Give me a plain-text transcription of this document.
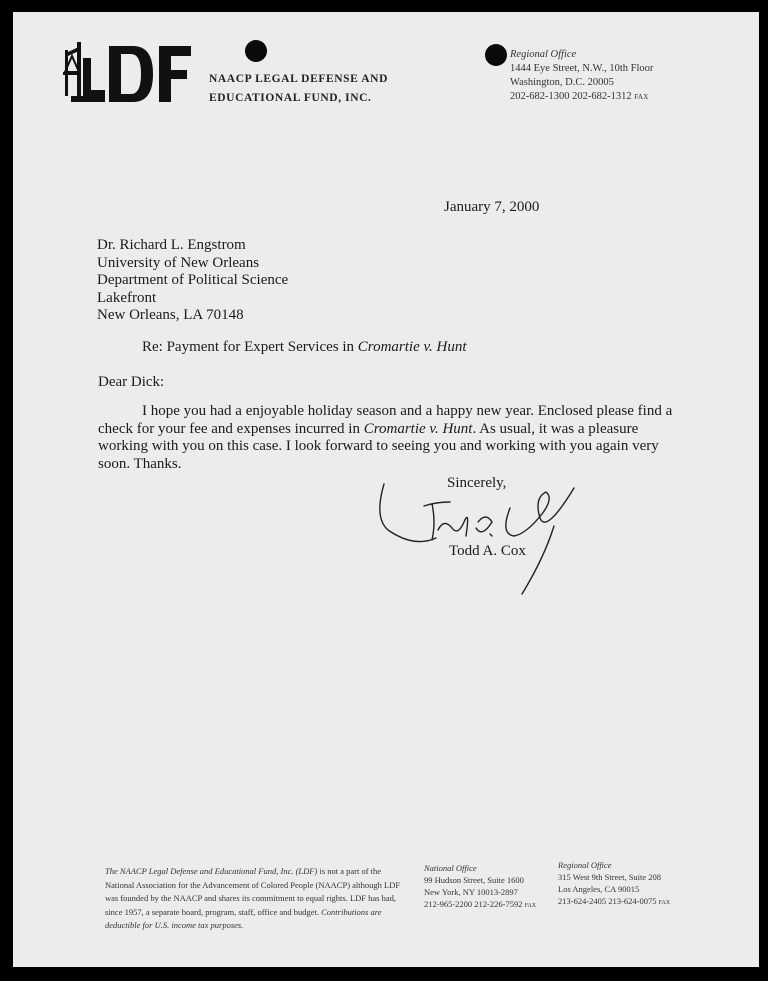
NAACP LEGAL DEFENSE AND
EDUCATIONAL FUND, INC.
Regional Office
1444 Eye Street, N.W., 10th Floor
Washington, D.C. 20005
202-682-1300 202-682-1312 FAX
January 7, 2000
Dr. Richard L. Engstrom
University of New Orleans
Department of Political Science
Lakefront
New Orleans, LA 70148
Re: Payment for Expert Services in Cromartie v. Hunt
Dear Dick:
I hope you had a enjoyable holiday season and a happy new year. Enclosed please find a check for your fee and expenses incurred in Cromartie v. Hunt. As usual, it was a pleasure working with you on this case. I look forward to seeing you and working with you again very soon. Thanks.
Sincerely,
Todd A. Cox
The NAACP Legal Defense and Educational Fund, Inc. (LDF) is not a part of the National Association for the Advancement of Colored People (NAACP) although LDF was founded by the NAACP and shares its commitment to equal rights. LDF has had, since 1957, a separate board, program, staff, office and budget. Contributions are deductible for U.S. income tax purposes.
National Office
99 Hudson Street, Suite 1600
New York, NY 10013-2897
212-965-2200 212-226-7592 FAX
Regional Office
315 West 9th Street, Suite 208
Los Angeles, CA 90015
213-624-2405 213-624-0075 FAX
